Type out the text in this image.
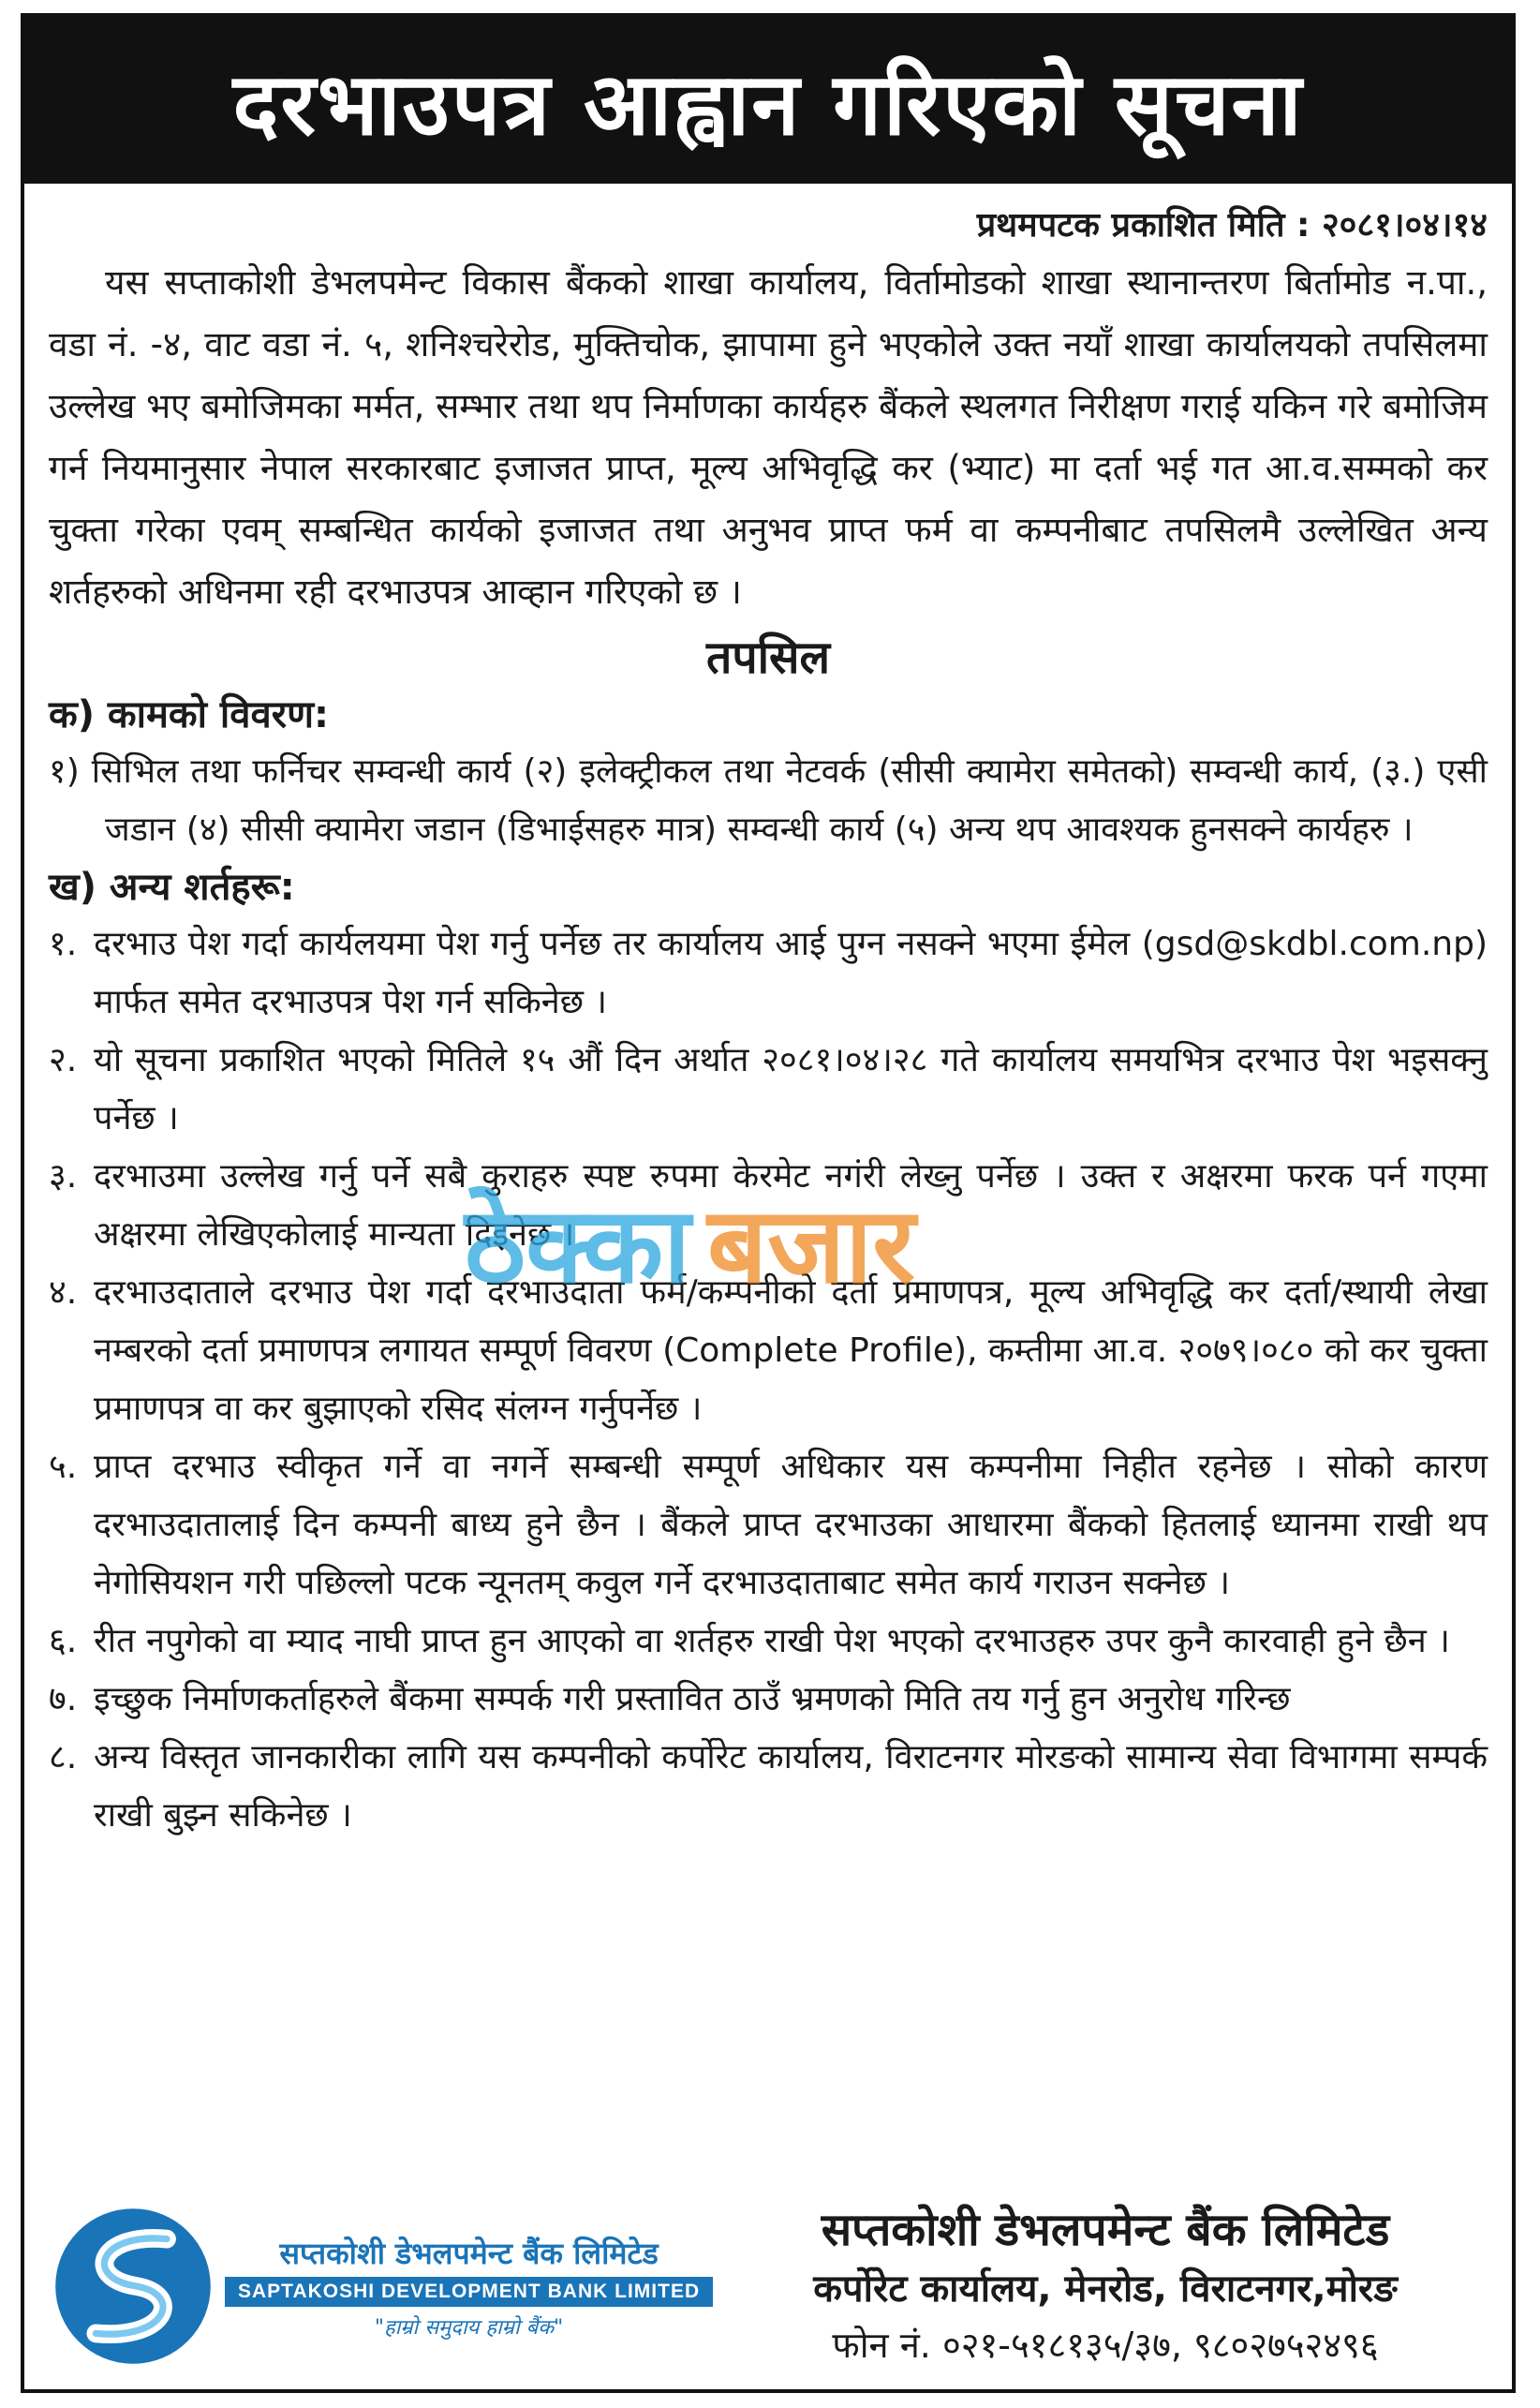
दरभाउपत्र आह्वान गरिएको सूचना
प्रथमपटक प्रकाशित मिति : २०८१।०४।१४

यस सप्ताकोशी डेभलपमेन्ट विकास बैंकको शाखा कार्यालय, विर्तामोडको शाखा स्थानान्तरण बिर्तामोड न.पा., वडा नं. -४, वाट वडा नं. ५, शनिश्चरेरोड, मुक्तिचोक, झापामा हुने भएकोले उक्त नयाँ शाखा कार्यालयको तपसिलमा उल्लेख भए बमोजिमका मर्मत, सम्भार तथा थप निर्माणका कार्यहरु बैंकले स्थलगत निरीक्षण गराई यकिन गरे बमोजिम गर्न नियमानुसार नेपाल सरकारबाट इजाजत प्राप्त, मूल्य अभिवृद्धि कर (भ्याट) मा दर्ता भई गत आ.व.सम्मको कर चुक्ता गरेका एवम् सम्बन्धित कार्यको इजाजत तथा अनुभव प्राप्त फर्म वा कम्पनीबाट तपसिलमै उल्लेखित अन्य शर्तहरुको अधिनमा रही दरभाउपत्र आव्हान गरिएको छ ।

तपसिल
क) कामको विवरण:

१) सिभिल तथा फर्निचर सम्वन्धी कार्य (२) इलेक्ट्रीकल तथा नेटवर्क (सीसी क्यामेरा समेतको) सम्वन्धी कार्य, (३.) एसी जडान (४) सीसी क्यामेरा जडान (डिभाईसहरु मात्र) सम्वन्धी कार्य (५) अन्य थप आवश्यक हुनसक्ने कार्यहरु ।

ख) अन्य शर्तहरू:
१. दरभाउ पेश गर्दा कार्यलयमा पेश गर्नु पर्नेछ तर कार्यालय आई पुग्न नसक्ने भएमा ईमेल (gsd@skdbl.com.np) मार्फत समेत दरभाउपत्र पेश गर्न सकिनेछ ।
२. यो सूचना प्रकाशित भएको मितिले १५ औं दिन अर्थात २०८१।०४।२८ गते कार्यालय समयभित्र दरभाउ पेश भइसक्नु पर्नेछ ।
३. दरभाउमा उल्लेख गर्नु पर्ने सबै कुराहरु स्पष्ट रुपमा केरमेट नगंरी लेख्नु पर्नेछ । उक्त र अक्षरमा फरक पर्न गएमा अक्षरमा लेखिएकोलाई मान्यता दिइनेछ ।
४. दरभाउदाताले दरभाउ पेश गर्दा दरभाउदाता फर्म/कम्पनीको दर्ता प्रमाणपत्र, मूल्य अभिवृद्धि कर दर्ता/स्थायी लेखा नम्बरको दर्ता प्रमाणपत्र लगायत सम्पूर्ण विवरण (Complete Profile), कम्तीमा आ.व. २०७९।०८० को कर चुक्ता प्रमाणपत्र वा कर बुझाएको रसिद संलग्न गर्नुपर्नेछ ।
५. प्राप्त दरभाउ स्वीकृत गर्ने वा नगर्ने सम्बन्धी सम्पूर्ण अधिकार यस कम्पनीमा निहीत रहनेछ । सोको कारण दरभाउदातालाई दिन कम्पनी बाध्य हुने छैन । बैंकले प्राप्त दरभाउका आधारमा बैंकको हितलाई ध्यानमा राखी थप नेगोसियशन गरी पछिल्लो पटक न्यूनतम् कवुल गर्ने दरभाउदाताबाट समेत कार्य गराउन सक्नेछ ।
६. रीत नपुगेको वा म्याद नाघी प्राप्त हुन आएको वा शर्तहरु राखी पेश भएको दरभाउहरु उपर कुनै कारवाही हुने छैन ।
७. इच्छुक निर्माणकर्ताहरुले बैंकमा सम्पर्क गरी प्रस्तावित ठाउँ भ्रमणको मिति तय गर्नु हुन अनुरोध गरिन्छ
८. अन्य विस्तृत जानकारीका लागि यस कम्पनीको कर्पोरेट कार्यालय, विराटनगर मोरङको सामान्य सेवा विभागमा सम्पर्क राखी बुझ्न सकिनेछ ।
ठेक्का बजार
सप्तकोशी डेभलपमेन्ट बैंक लिमिटेड
SAPTAKOSHI DEVELOPMENT BANK LIMITED
"हाम्रो समुदाय हाम्रो बैंक"
सप्तकोशी डेभलपमेन्ट बैंक लिमिटेड
कर्पोरेट कार्यालय, मेनरोड, विराटनगर,मोरङ
फोन नं. ०२१-५१८१३५/३७, ९८०२७५२४९६
